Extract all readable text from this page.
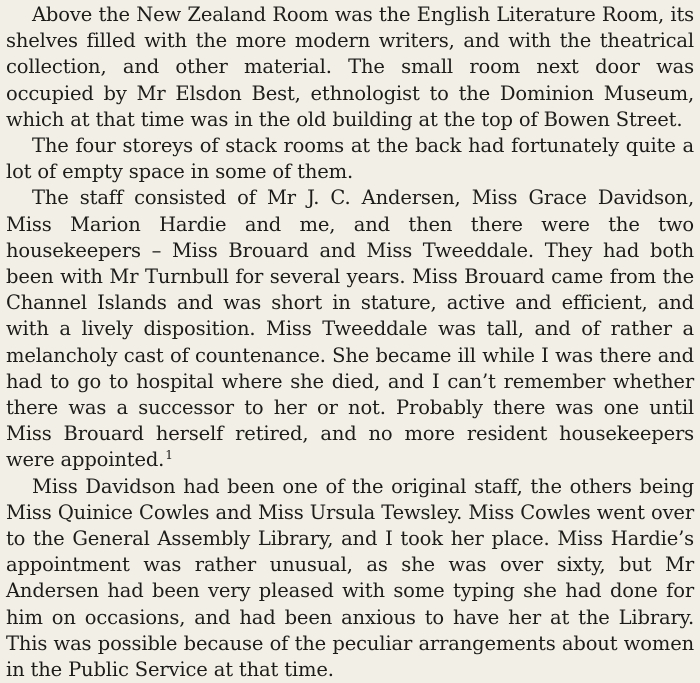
Above the New Zealand Room was the English Literature Room, its shelves filled with the more modern writers, and with the theatrical collection, and other material. The small room next door was occupied by Mr Elsdon Best, ethnologist to the Dominion Museum, which at that time was in the old building at the top of Bowen Street.

The four storeys of stack rooms at the back had fortunately quite a lot of empty space in some of them.

The staff consisted of Mr J. C. Andersen, Miss Grace Davidson, Miss Marion Hardie and me, and then there were the two housekeepers – Miss Brouard and Miss Tweeddale. They had both been with Mr Turnbull for several years. Miss Brouard came from the Channel Islands and was short in stature, active and efficient, and with a lively disposition. Miss Tweeddale was tall, and of rather a melancholy cast of countenance. She became ill while I was there and had to go to hospital where she died, and I can’t remember whether there was a successor to her or not. Probably there was one until Miss Brouard herself retired, and no more resident housekeepers were appointed.$^1$

Miss Davidson had been one of the original staff, the others being Miss Quinice Cowles and Miss Ursula Tewsley. Miss Cowles went over to the General Assembly Library, and I took her place. Miss Hardie’s appointment was rather unusual, as she was over sixty, but Mr Andersen had been very pleased with some typing she had done for him on occasions, and had been anxious to have her at the Library. This was possible because of the peculiar arrangements about women in the Public Service at that time.
